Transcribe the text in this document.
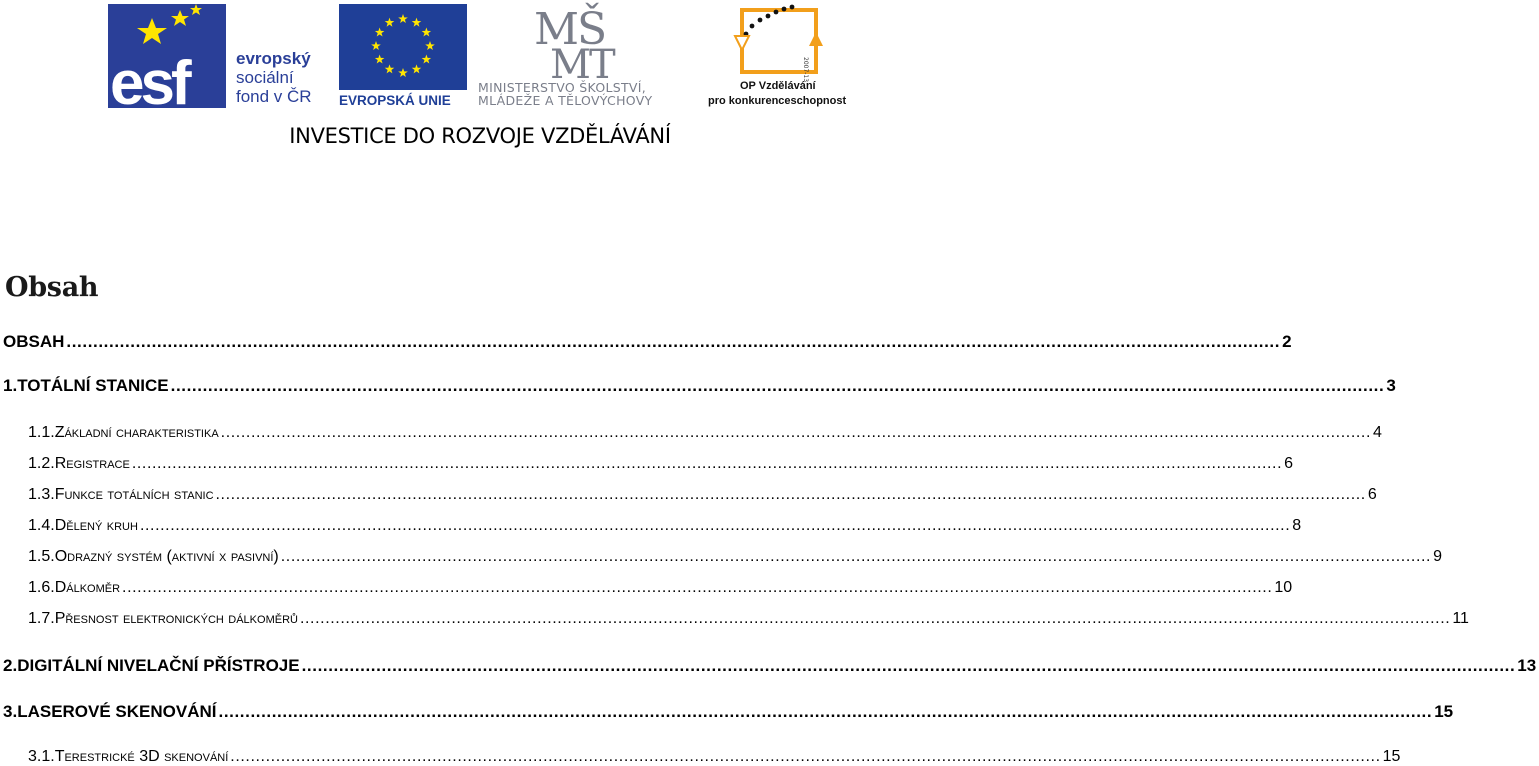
esf	evropský
sociální
fond v ČR EVROPSKÁ UNIE
MŠ
MT
MINISTERSTVO ŠKOLSTVÍ,
MLÁDEŽE A TĚLOVÝCHOVY
2007-13
OP Vzdělávání
pro konkurenceschopnost
INVESTICE DO ROZVOJE VZDĚLÁVÁNÍ
Obsah
OBSAH .................................................................................................................................................................................................................................... 2
1. TOTÁLNÍ STANICE .................................................................................................................................................................................................................................... 3
1.1. Základní charakteristika .................................................................................................................................................................................................................................... 4
1.2. Registrace .................................................................................................................................................................................................................................... 6
1.3. Funkce totálních stanic .................................................................................................................................................................................................................................... 6
1.4. Dělený kruh .................................................................................................................................................................................................................................... 8
1.5. Odrazný systém (aktivní x pasivní) .................................................................................................................................................................................................................................... 9
1.6. Dálkoměr .................................................................................................................................................................................................................................... 10
1.7. Přesnost elektronických dálkoměrů .................................................................................................................................................................................................................................... 11
2. DIGITÁLNÍ NIVELAČNÍ PŘÍSTROJE .................................................................................................................................................................................................................................... 13
3. LASEROVÉ SKENOVÁNÍ .................................................................................................................................................................................................................................... 15
3.1. Terestrické 3D skenování .................................................................................................................................................................................................................................... 15
